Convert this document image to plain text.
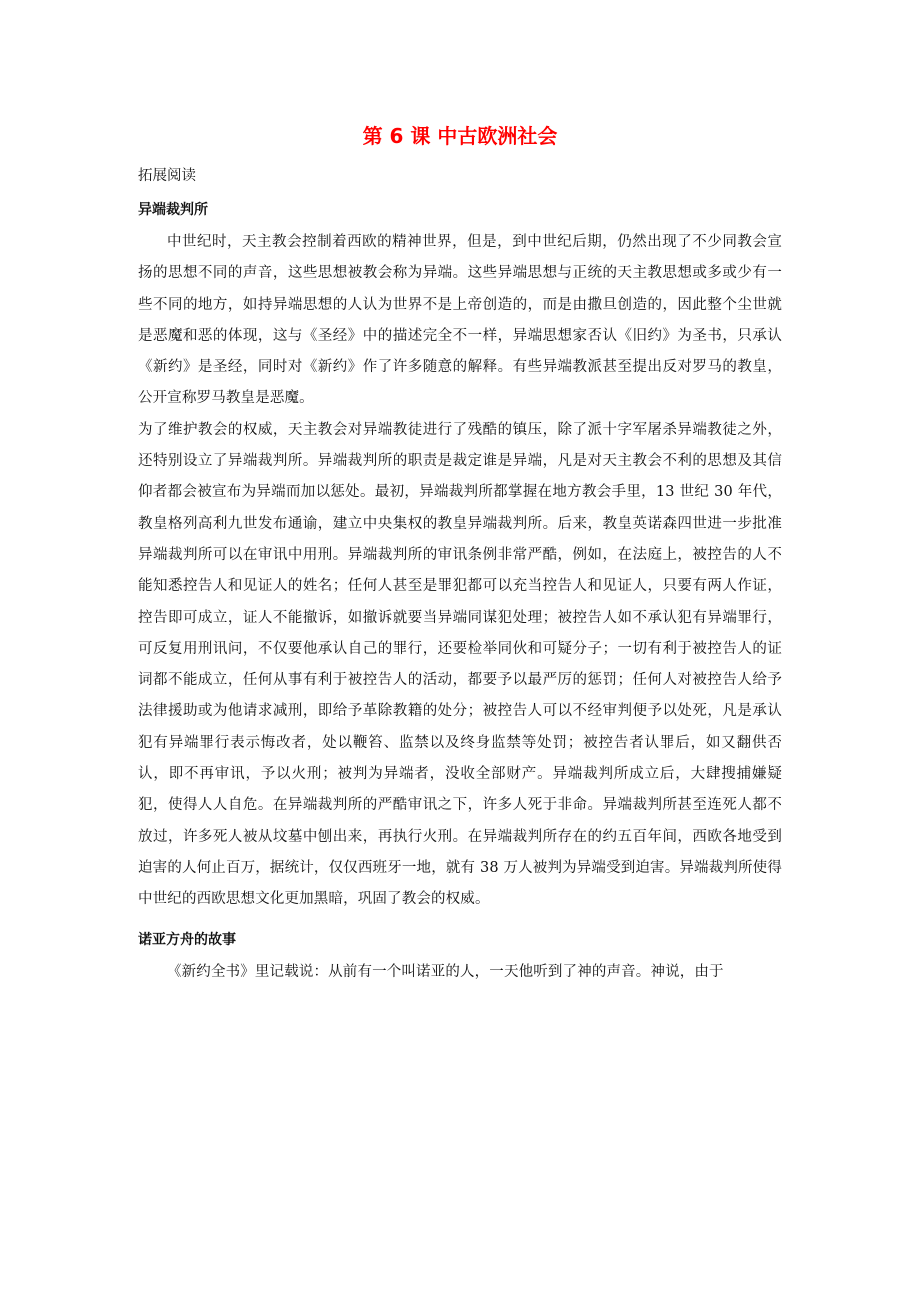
第 6 课 中古欧洲社会

拓展阅读

异端裁判所

中世纪时，天主教会控制着西欧的精神世界，但是，到中世纪后期，仍然出现了不少同教会宣扬的思想不同的声音，这些思想被教会称为异端。这些异端思想与正统的天主教思想或多或少有一些不同的地方，如持异端思想的人认为世界不是上帝创造的，而是由撒旦创造的，因此整个尘世就是恶魔和恶的体现，这与《圣经》中的描述完全不一样，异端思想家否认《旧约》为圣书，只承认《新约》是圣经，同时对《新约》作了许多随意的解释。有些异端教派甚至提出反对罗马的教皇，公开宣称罗马教皇是恶魔。

为了维护教会的权威，天主教会对异端教徒进行了残酷的镇压，除了派十字军屠杀异端教徒之外，还特别设立了异端裁判所。异端裁判所的职责是裁定谁是异端，凡是对天主教会不利的思想及其信仰者都会被宣布为异端而加以惩处。最初，异端裁判所都掌握在地方教会手里，13 世纪 30 年代，教皇格列高利九世发布通谕，建立中央集权的教皇异端裁判所。后来，教皇英诺森四世进一步批准异端裁判所可以在审讯中用刑。异端裁判所的审讯条例非常严酷，例如，在法庭上，被控告的人不能知悉控告人和见证人的姓名；任何人甚至是罪犯都可以充当控告人和见证人，只要有两人作证，控告即可成立，证人不能撤诉，如撤诉就要当异端同谋犯处理；被控告人如不承认犯有异端罪行，可反复用刑讯问，不仅要他承认自己的罪行，还要检举同伙和可疑分子；一切有利于被控告人的证词都不能成立，任何从事有利于被控告人的活动，都要予以最严厉的惩罚；任何人对被控告人给予法律援助或为他请求减刑，即给予革除教籍的处分；被控告人可以不经审判便予以处死，凡是承认犯有异端罪行表示悔改者，处以鞭笞、监禁以及终身监禁等处罚；被控告者认罪后，如又翻供否认，即不再审讯，予以火刑；被判为异端者，没收全部财产。异端裁判所成立后，大肆搜捕嫌疑犯，使得人人自危。在异端裁判所的严酷审讯之下，许多人死于非命。异端裁判所甚至连死人都不放过，许多死人被从坟墓中刨出来，再执行火刑。在异端裁判所存在的约五百年间，西欧各地受到迫害的人何止百万，据统计，仅仅西班牙一地，就有 38 万人被判为异端受到迫害。异端裁判所使得中世纪的西欧思想文化更加黑暗，巩固了教会的权威。

诺亚方舟的故事

《新约全书》里记载说：从前有一个叫诺亚的人，一天他听到了神的声音。神说，由于
